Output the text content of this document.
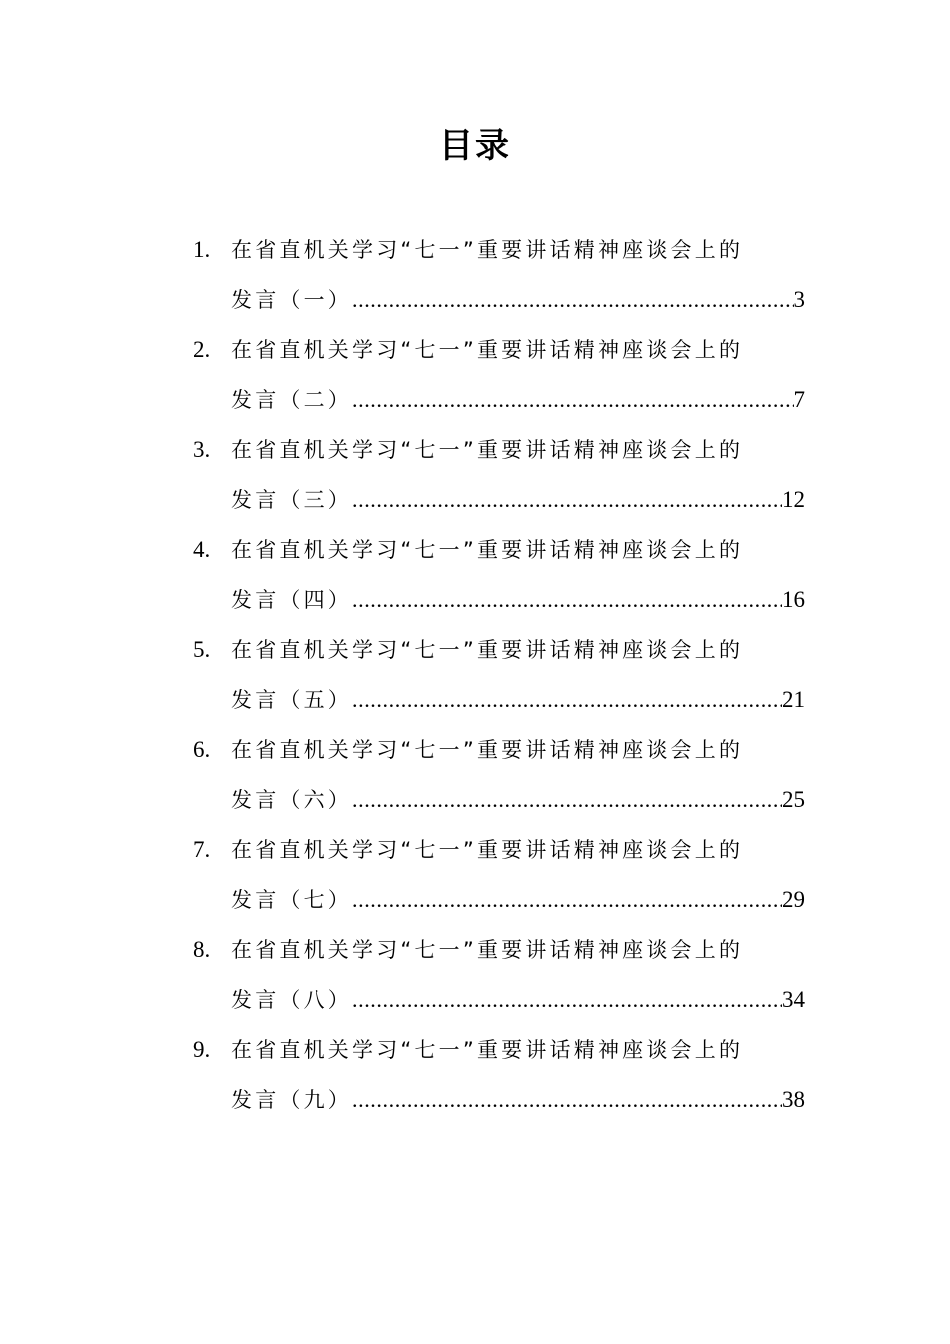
目录
1. 在省直机关学习“七一”重要讲话精神座谈会上的
发言（一） .....	3
2. 在省直机关学习“七一”重要讲话精神座谈会上的
发言（二） .....	7
3. 在省直机关学习“七一”重要讲话精神座谈会上的
发言（三） .....	12
4. 在省直机关学习“七一”重要讲话精神座谈会上的
发言（四） .....	16
5. 在省直机关学习“七一”重要讲话精神座谈会上的
发言（五） .....	21
6. 在省直机关学习“七一”重要讲话精神座谈会上的
发言（六） .....	25
7. 在省直机关学习“七一”重要讲话精神座谈会上的
发言（七） .....	29
8. 在省直机关学习“七一”重要讲话精神座谈会上的
发言（八） .....	34
9. 在省直机关学习“七一”重要讲话精神座谈会上的
发言（九） .....	38
